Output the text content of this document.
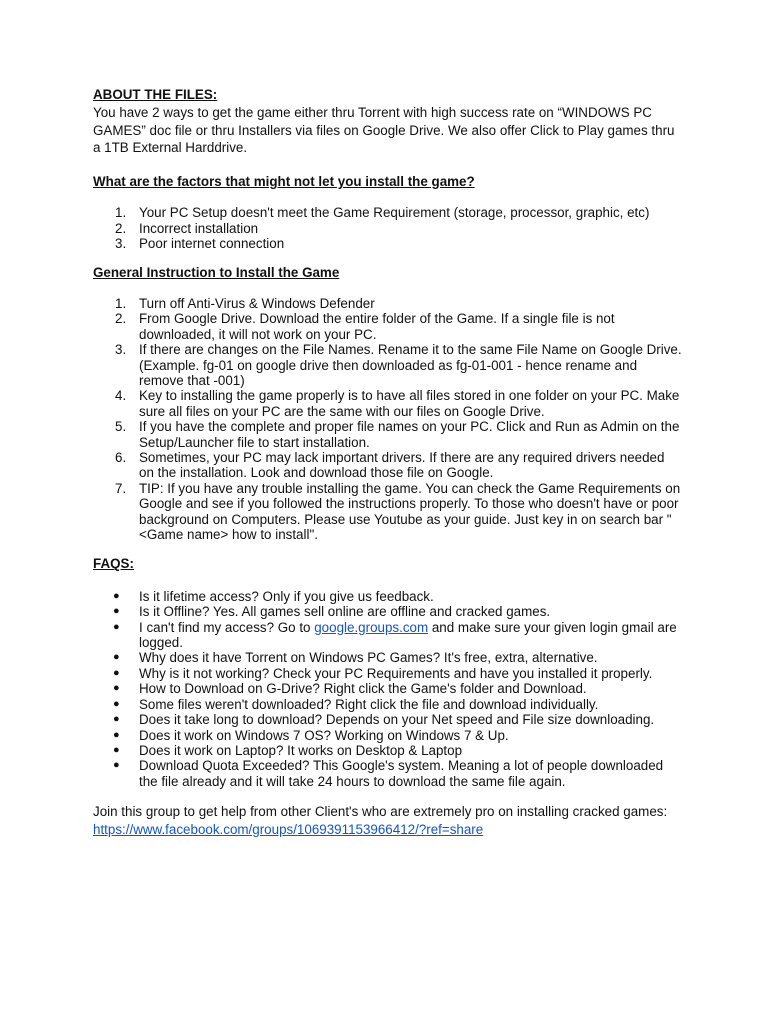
ABOUT THE FILES:

You have 2 ways to get the game either thru Torrent with high success rate on “WINDOWS PC GAMES” doc file or thru Installers via files on Google Drive. We also offer Click to Play games thru a 1TB External Harddrive.

What are the factors that might not let you install the game?

1. Your PC Setup doesn't meet the Game Requirement (storage, processor, graphic, etc)
2. Incorrect installation
3. Poor internet connection

General Instruction to Install the Game

1. Turn off Anti-Virus & Windows Defender
2. From Google Drive. Download the entire folder of the Game. If a single file is not downloaded, it will not work on your PC.
3. If there are changes on the File Names. Rename it to the same File Name on Google Drive. (Example. fg-01 on google drive then downloaded as fg-01-001 - hence rename and remove that -001)
4. Key to installing the game properly is to have all files stored in one folder on your PC. Make sure all files on your PC are the same with our files on Google Drive.
5. If you have the complete and proper file names on your PC. Click and Run as Admin on the Setup/Launcher file to start installation.
6. Sometimes, your PC may lack important drivers. If there are any required drivers needed on the installation. Look and download those file on Google.
7. TIP: If you have any trouble installing the game. You can check the Game Requirements on Google and see if you followed the instructions properly. To those who doesn't have or poor background on Computers. Please use Youtube as your guide. Just key in on search bar "<Game name> how to install".

FAQS:

● Is it lifetime access? Only if you give us feedback.
● Is it Offline? Yes. All games sell online are offline and cracked games.
● I can't find my access? Go to google.groups.com and make sure your given login gmail are logged.
● Why does it have Torrent on Windows PC Games? It's free, extra, alternative.
● Why is it not working? Check your PC Requirements and have you installed it properly.
● How to Download on G-Drive? Right click the Game's folder and Download.
● Some files weren't downloaded? Right click the file and download individually.
● Does it take long to download? Depends on your Net speed and File size downloading.
● Does it work on Windows 7 OS? Working on Windows 7 & Up.
● Does it work on Laptop? It works on Desktop & Laptop
● Download Quota Exceeded? This Google's system. Meaning a lot of people downloaded the file already and it will take 24 hours to download the same file again.

Join this group to get help from other Client's who are extremely pro on installing cracked games: https://www.facebook.com/groups/1069391153966412/?ref=share
